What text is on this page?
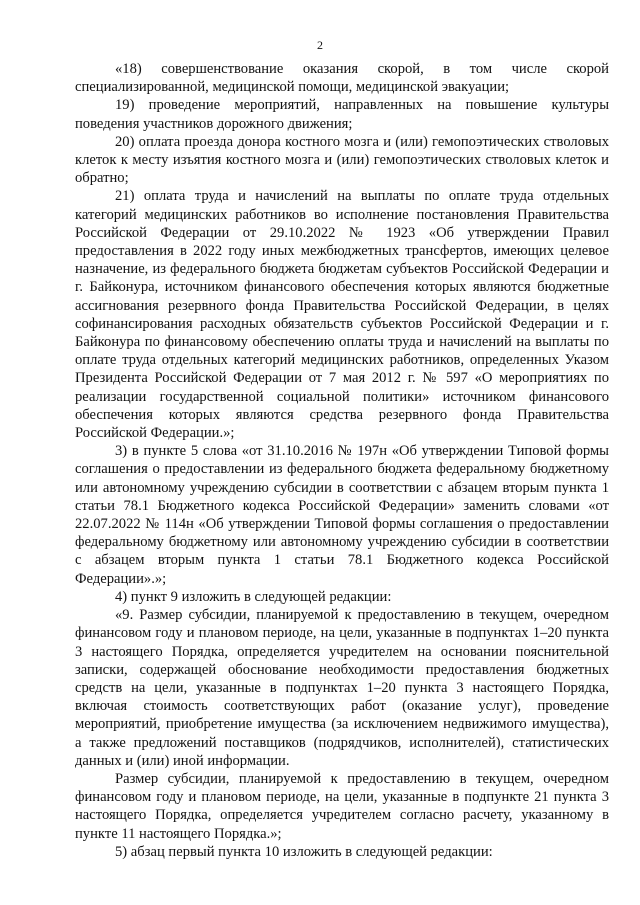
2

«18) совершенствование оказания скорой, в том числе скорой специализированной, медицинской помощи, медицинской эвакуации;

19) проведение мероприятий, направленных на повышение культуры поведения участников дорожного движения;

20) оплата проезда донора костного мозга и (или) гемопоэтических стволовых клеток к месту изъятия костного мозга и (или) гемопоэтических стволовых клеток и обратно;

21) оплата труда и начислений на выплаты по оплате труда отдельных категорий медицинских работников во исполнение постановления Правительства Российской Федерации от 29.10.2022 № 1923 «Об утверждении Правил предоставления в 2022 году иных межбюджетных трансфертов, имеющих целевое назначение, из федерального бюджета бюджетам субъектов Российской Федерации и г. Байконура, источником финансового обеспечения которых являются бюджетные ассигнования резервного фонда Правительства Российской Федерации, в целях софинансирования расходных обязательств субъектов Российской Федерации и г. Байконура по финансовому обеспечению оплаты труда и начислений на выплаты по оплате труда отдельных категорий медицинских работников, определенных Указом Президента Российской Федерации от 7 мая 2012 г. № 597 «О мероприятиях по реализации государственной социальной политики» источником финансового обеспечения которых являются средства резервного фонда Правительства Российской Федерации.»;

3) в пункте 5 слова «от 31.10.2016 № 197н «Об утверждении Типовой формы соглашения о предоставлении из федерального бюджета федеральному бюджетному или автономному учреждению субсидии в соответствии с абзацем вторым пункта 1 статьи 78.1 Бюджетного кодекса Российской Федерации» заменить словами «от 22.07.2022 № 114н «Об утверждении Типовой формы соглашения о предоставлении федеральному бюджетному или автономному учреждению субсидии в соответствии с абзацем вторым пункта 1 статьи 78.1 Бюджетного кодекса Российской Федерации».»;

4) пункт 9 изложить в следующей редакции:

«9. Размер субсидии, планируемой к предоставлению в текущем, очередном финансовом году и плановом периоде, на цели, указанные в подпунктах 1–20 пункта 3 настоящего Порядка, определяется учредителем на основании пояснительной записки, содержащей обоснование необходимости предоставления бюджетных средств на цели, указанные в подпунктах 1–20 пункта 3 настоящего Порядка, включая стоимость соответствующих работ (оказание услуг), проведение мероприятий, приобретение имущества (за исключением недвижимого имущества), а также предложений поставщиков (подрядчиков, исполнителей), статистических данных и (или) иной информации.

Размер субсидии, планируемой к предоставлению в текущем, очередном финансовом году и плановом периоде, на цели, указанные в подпункте 21 пункта 3 настоящего Порядка, определяется учредителем согласно расчету, указанному в пункте 11 настоящего Порядка.»;

5) абзац первый пункта 10 изложить в следующей редакции:
